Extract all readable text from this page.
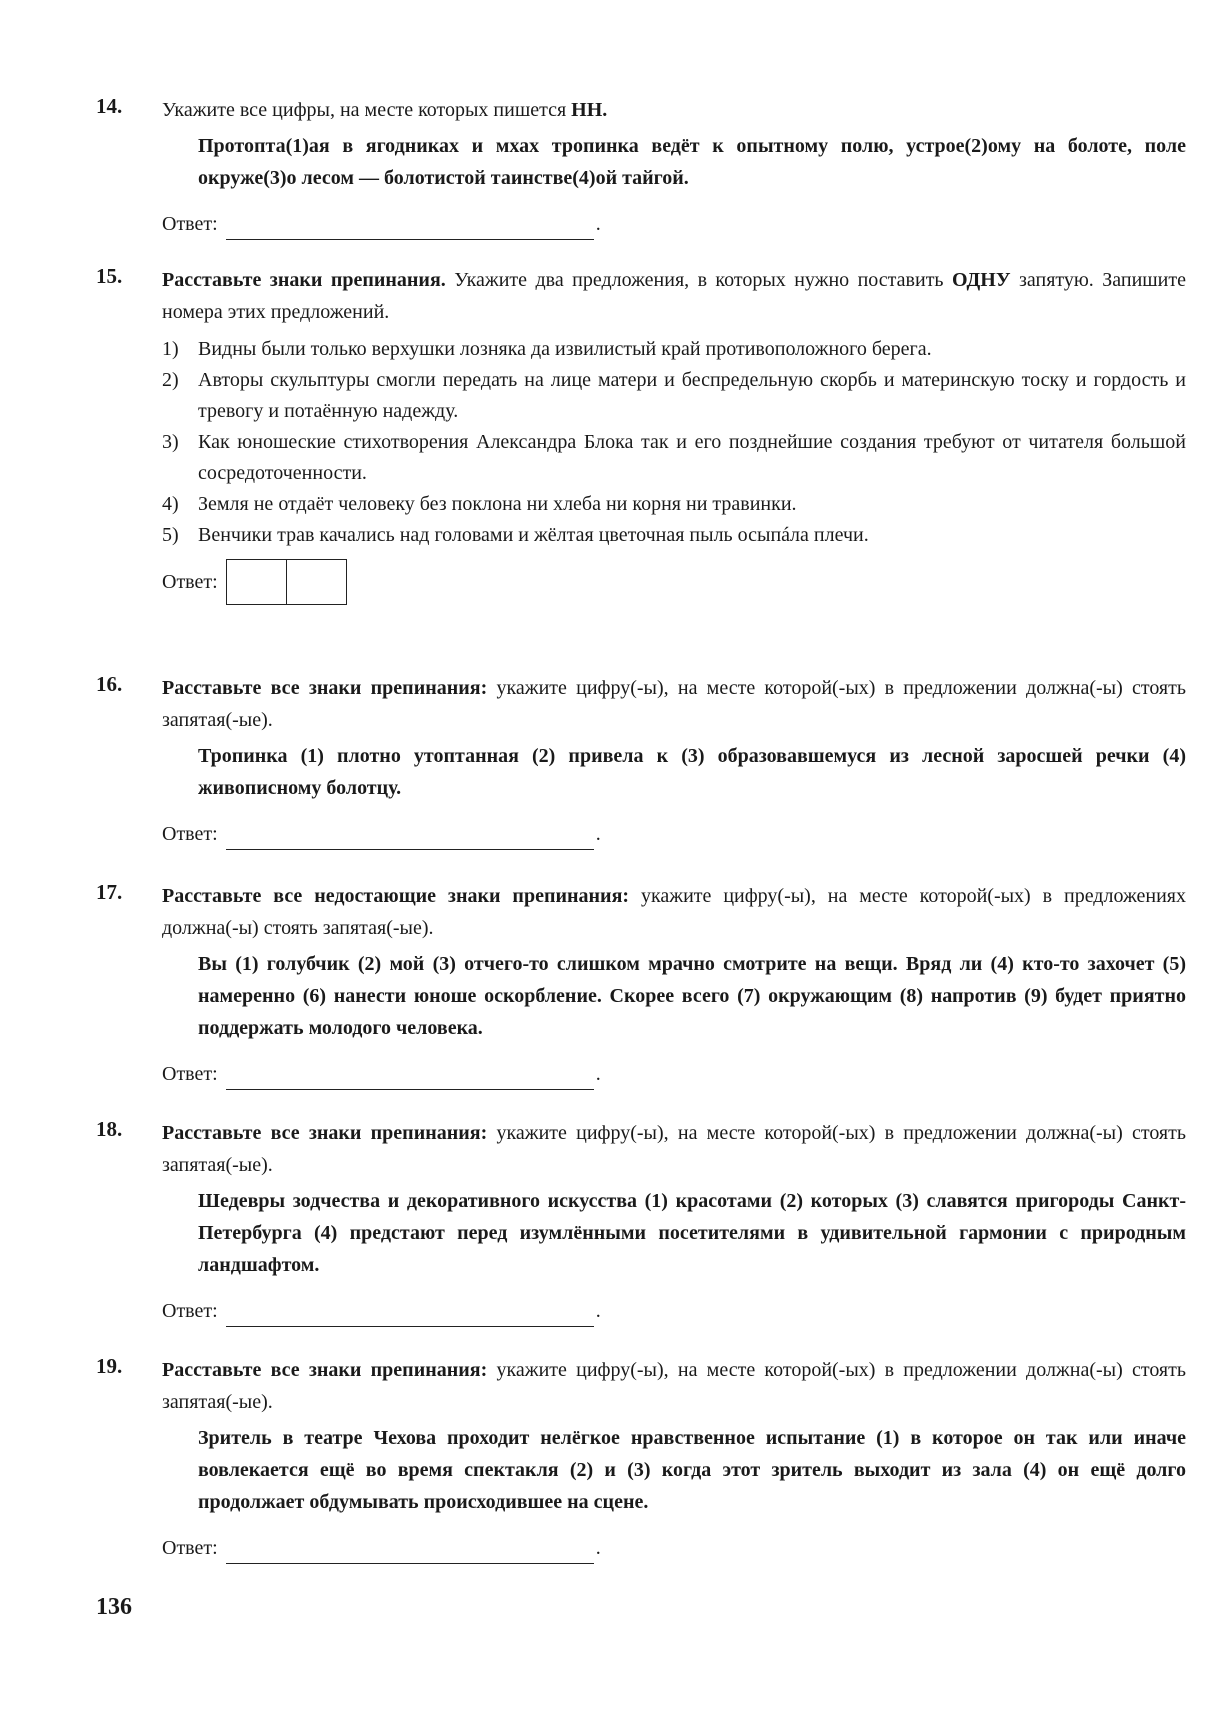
14. Укажите все цифры, на месте которых пишется НН.

Протопта(1)ая в ягодниках и мхах тропинка ведёт к опытному полю, устрое(2)ому на болоте, поле окруже(3)о лесом — болотистой таинстве(4)ой тайгой.

Ответ:	.
15. Расставьте знаки препинания. Укажите два предложения, в которых нужно поставить ОДНУ запятую. Запишите номера этих предложений.

1) Видны были только верхушки лозняка да извилистый край противоположного берега.
2) Авторы скульптуры смогли передать на лице матери и беспредельную скорбь и материнскую тоску и гордость и тревогу и потаённую надежду.
3) Как юношеские стихотворения Александра Блока так и его позднейшие создания требуют от читателя большой сосредоточенности.
4) Земля не отдаёт человеку без поклона ни хлеба ни корня ни травинки.
5) Венчики трав качались над головами и жёлтая цветочная пыль осыпáла плечи.
Ответ:
16. Расставьте все знаки препинания: укажите цифру(-ы), на месте которой(-ых) в предложении должна(-ы) стоять запятая(-ые).

Тропинка (1) плотно утоптанная (2) привела к (3) образовавшемуся из лесной заросшей речки (4) живописному болотцу.

Ответ:	.
17. Расставьте все недостающие знаки препинания: укажите цифру(-ы), на месте которой(-ых) в предложениях должна(-ы) стоять запятая(-ые).

Вы (1) голубчик (2) мой (3) отчего-то слишком мрачно смотрите на вещи. Вряд ли (4) кто-то захочет (5) намеренно (6) нанести юноше оскорбление. Скорее всего (7) окружающим (8) напротив (9) будет приятно поддержать молодого человека.

Ответ:	.
18. Расставьте все знаки препинания: укажите цифру(-ы), на месте которой(-ых) в предложении должна(-ы) стоять запятая(-ые).

Шедевры зодчества и декоративного искусства (1) красотами (2) которых (3) славятся пригороды Санкт-Петербурга (4) предстают перед изумлёнными посетителями в удивительной гармонии с природным ландшафтом.

Ответ:	.
19. Расставьте все знаки препинания: укажите цифру(-ы), на месте которой(-ых) в предложении должна(-ы) стоять запятая(-ые).

Зритель в театре Чехова проходит нелёгкое нравственное испытание (1) в которое он так или иначе вовлекается ещё во время спектакля (2) и (3) когда этот зритель выходит из зала (4) он ещё долго продолжает обдумывать происходившее на сцене.

Ответ:	.
136
